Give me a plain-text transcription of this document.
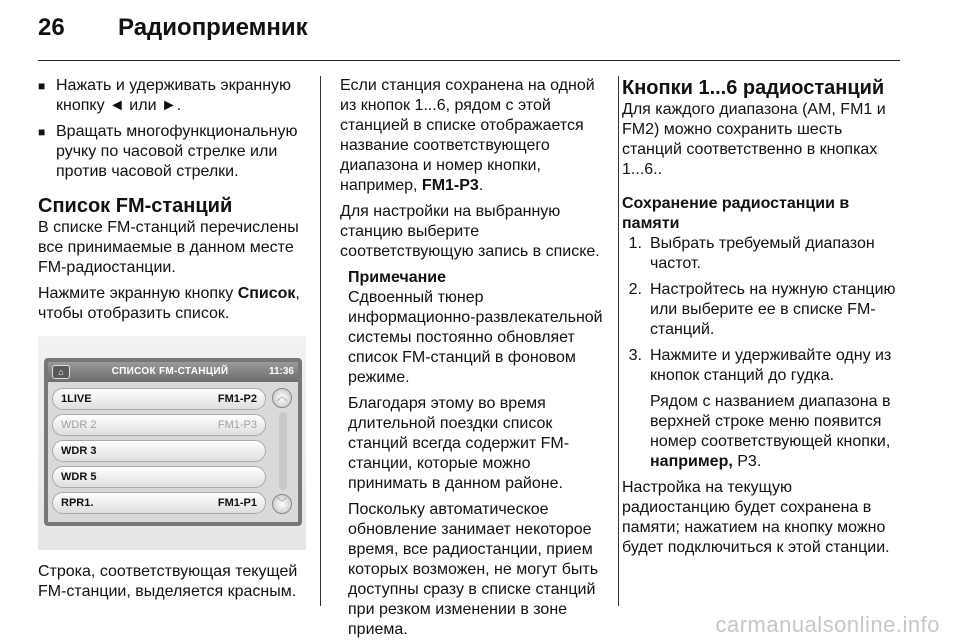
26	Радиоприемник
■ Нажать и удерживать экранную кнопку ◄ или ►.
■ Вращать многофункциональную ручку по часовой стрелке или против часовой стрелки.
Список FM-станций

В списке FM-станций перечислены все принимаемые в данном месте FM-радиостанции.

Нажмите экранную кнопку Список, чтобы отобразить список.

⌂	СПИСОК FM-СТАНЦИЙ	11:36
1LIVE	FM1-P2
WDR 2	FM1-P3
WDR 3
WDR 5
RPR1.	FM1-P1
︿
﹀

Строка, соответствующая текущей FM-станции, выделяется красным.

Если станция сохранена на одной из кнопок 1...6, рядом с этой станцией в списке отображается название соответствующего диапазона и номер кнопки, например, FM1-P3.

Для настройки на выбранную станцию выберите соответствующую запись в списке.

Примечание

Сдвоенный тюнер информационно-развлекательной системы постоянно обновляет список FM-станций в фоновом режиме.

Благодаря этому во время длительной поездки список станций всегда содержит FM-станции, которые можно принимать в данном районе.

Поскольку автоматическое обновление занимает некоторое время, все радиостанции, прием которых возможен, не могут быть доступны сразу в списке станций при резком изменении в зоне приема.

Кнопки 1...6 радиостанций

Для каждого диапазона (AM, FM1 и FM2) можно сохранить шесть станций соответственно в кнопках 1...6..

Сохранение радиостанции в памяти
1. Выбрать требуемый диапазон частот.
2. Настройтесь на нужную станцию или выберите ее в списке FM-станций.
3. Нажмите и удерживайте одну из кнопок станций до гудка.

Рядом с названием диапазона в верхней строке меню появится номер соответствующей кнопки, например, P3.

Настройка на текущую радиостанцию будет сохранена в памяти; нажатием на кнопку можно будет подключиться к этой станции.

carmanualsonline.info
